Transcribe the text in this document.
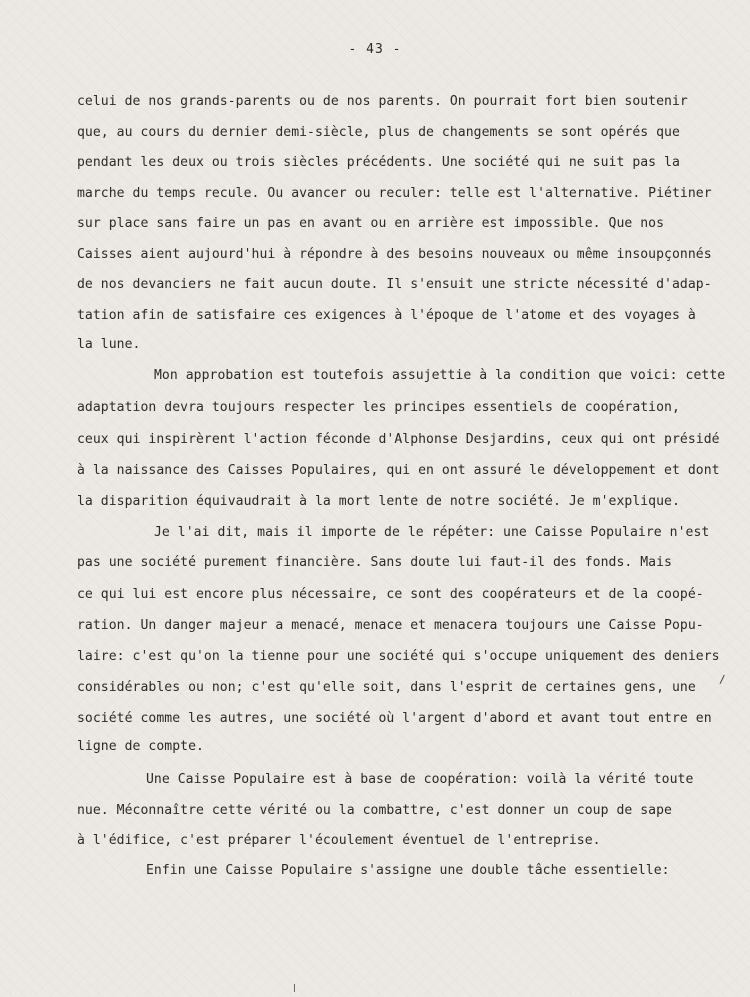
- 43 -
celui de nos grands-parents ou de nos parents. On pourrait fort bien soutenir
que, au cours du dernier demi-siècle, plus de changements se sont opérés que
pendant les deux ou trois siècles précédents. Une société qui ne suit pas la
marche du temps recule. Ou avancer ou reculer: telle est l'alternative. Piétiner
sur place sans faire un pas en avant ou en arrière est impossible. Que nos
Caisses aient aujourd'hui à répondre à des besoins nouveaux ou même insoupçonnés
de nos devanciers ne fait aucun doute. Il s'ensuit une stricte nécessité d'adap-
tation afin de satisfaire ces exigences à l'époque de l'atome et des voyages à
la lune.
Mon approbation est toutefois assujettie à la condition que voici: cette
adaptation devra toujours respecter les principes essentiels de coopération,
ceux qui inspirèrent l'action féconde d'Alphonse Desjardins, ceux qui ont présidé
à la naissance des Caisses Populaires, qui en ont assuré le développement et dont
la disparition équivaudrait à la mort lente de notre société. Je m'explique.
Je l'ai dit, mais il importe de le répéter: une Caisse Populaire n'est
pas une société purement financière. Sans doute lui faut-il des fonds. Mais
ce qui lui est encore plus nécessaire, ce sont des coopérateurs et de la coopé-
ration. Un danger majeur a menacé, menace et menacera toujours une Caisse Popu-
laire: c'est qu'on la tienne pour une société qui s'occupe uniquement des deniers
considérables ou non; c'est qu'elle soit, dans l'esprit de certaines gens, une
société comme les autres, une société où l'argent d'abord et avant tout entre en
ligne de compte.
Une Caisse Populaire est à base de coopération: voilà la vérité toute
nue. Méconnaître cette vérité ou la combattre, c'est donner un coup de sape
à l'édifice, c'est préparer l'écoulement éventuel de l'entreprise.
Enfin une Caisse Populaire s'assigne une double tâche essentielle:
/
